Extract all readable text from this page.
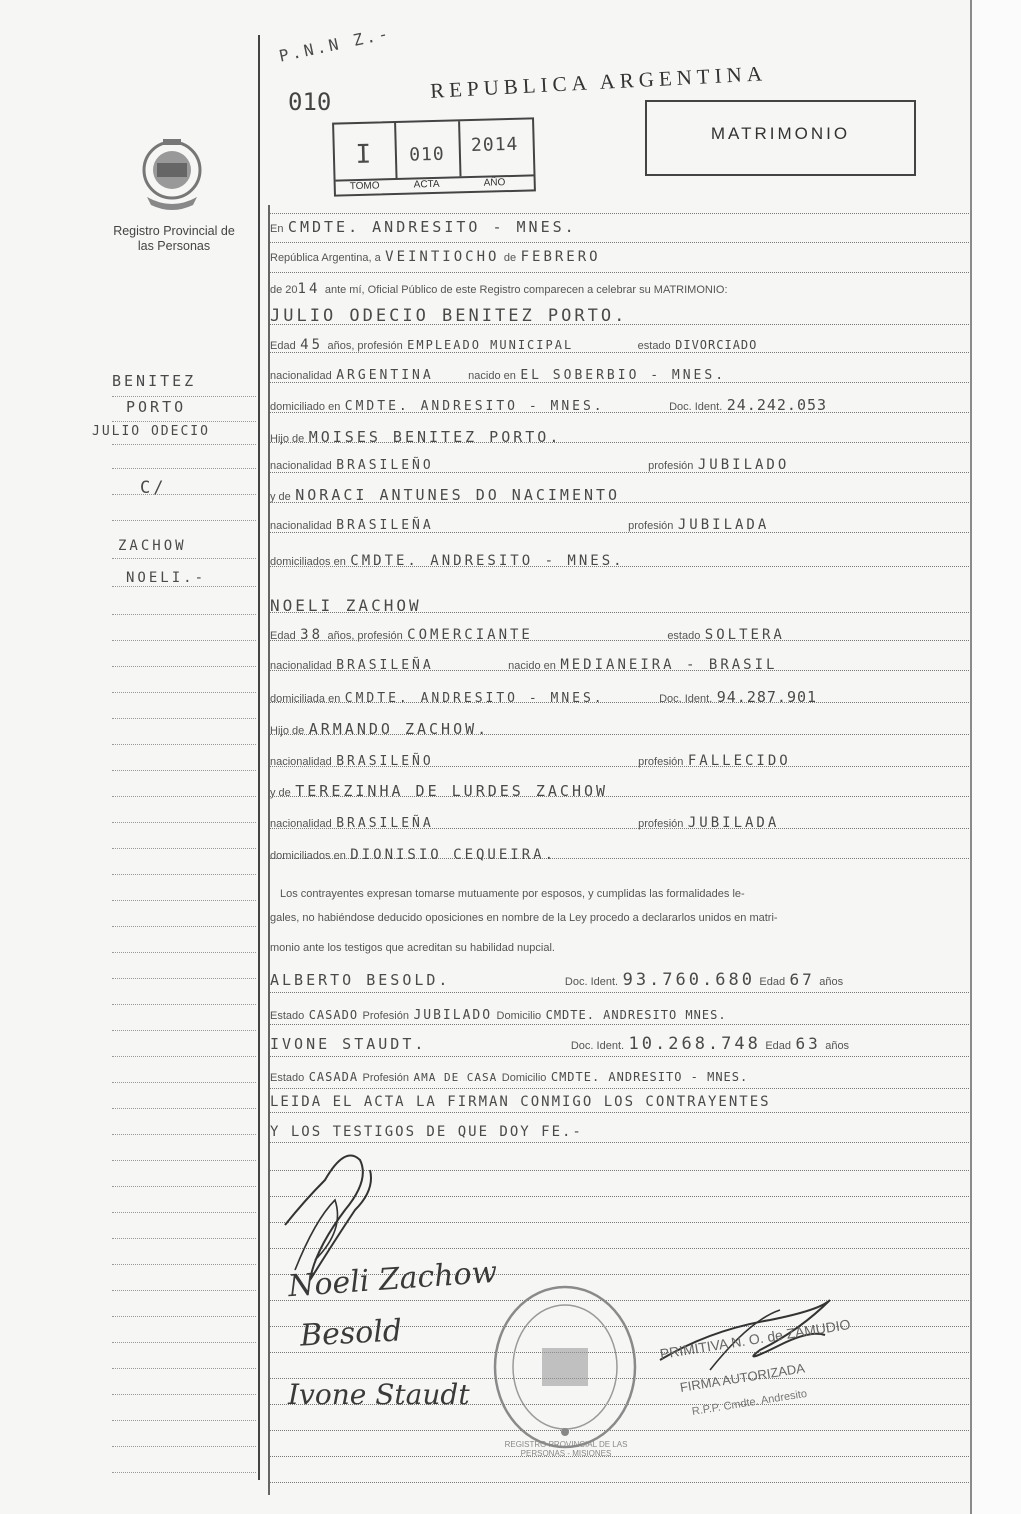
P.N.N Z.-
010	REPUBLICA ARGENTINA
MATRIMONIO
I	010	2014
TOMO	ACTA	AÑO
Registro Provincial de las Personas
BENITEZ
PORTO
JULIO ODECIO
C/
ZACHOW
NOELI.-
En CMDTE. ANDRESITO - MNES.
República Argentina, a VEINTIOCHO de FEBRERO
de 2014 ante mí, Oficial Público de este Registro comparecen a celebrar su MATRIMONIO:
JULIO ODECIO BENITEZ PORTO.
Edad 45 años, profesión EMPLEADO MUNICIPAL	estado DIVORCIADO
nacionalidad ARGENTINA	nacido en EL SOBERBIO - MNES.
domiciliado en CMDTE. ANDRESITO - MNES.	Doc. Ident. 24.242.053
Hijo de MOISES BENITEZ PORTO.
nacionalidad BRASILEÑO	profesión JUBILADO
y de NORACI ANTUNES DO NACIMENTO
nacionalidad BRASILEÑA	profesión JUBILADA
domiciliados en CMDTE. ANDRESITO - MNES.
NOELI ZACHOW
Edad 38 años, profesión COMERCIANTE	estado SOLTERA
nacionalidad BRASILEÑA	nacido en MEDIANEIRA - BRASIL
domiciliada en CMDTE. ANDRESITO - MNES.	Doc. Ident. 94.287.901
Hijo de ARMANDO ZACHOW.
nacionalidad BRASILEÑO	profesión FALLECIDO
y de TEREZINHA DE LURDES ZACHOW
nacionalidad BRASILEÑA	profesión JUBILADA
domiciliados en DIONISIO CEQUEIRA.
Los contrayentes expresan tomarse mutuamente por esposos, y cumplidas las formalidades le-
gales, no habiéndose deducido oposiciones en nombre de la Ley procedo a declararlos unidos en matri-
monio ante los testigos que acreditan su habilidad nupcial.
ALBERTO BESOLD.	Doc. Ident. 93.760.680 Edad 67 años
Estado CASADO Profesión JUBILADO Domicilio CMDTE. ANDRESITO MNES.
IVONE STAUDT.	Doc. Ident. 10.268.748 Edad 63 años
Estado CASADA Profesión AMA DE CASA Domicilio CMDTE. ANDRESITO - MNES.
LEIDA EL ACTA LA FIRMAN CONMIGO LOS CONTRAYENTES
Y LOS TESTIGOS DE QUE DOY FE.-
Noeli Zachow
Besold
Ivone Staudt
REGISTRO PROVINCIAL DE LAS PERSONAS - MISIONES
PRIMITIVA N. O. de ZAMUDIO
FIRMA AUTORIZADA
R.P.P. Cmdte. Andresito
